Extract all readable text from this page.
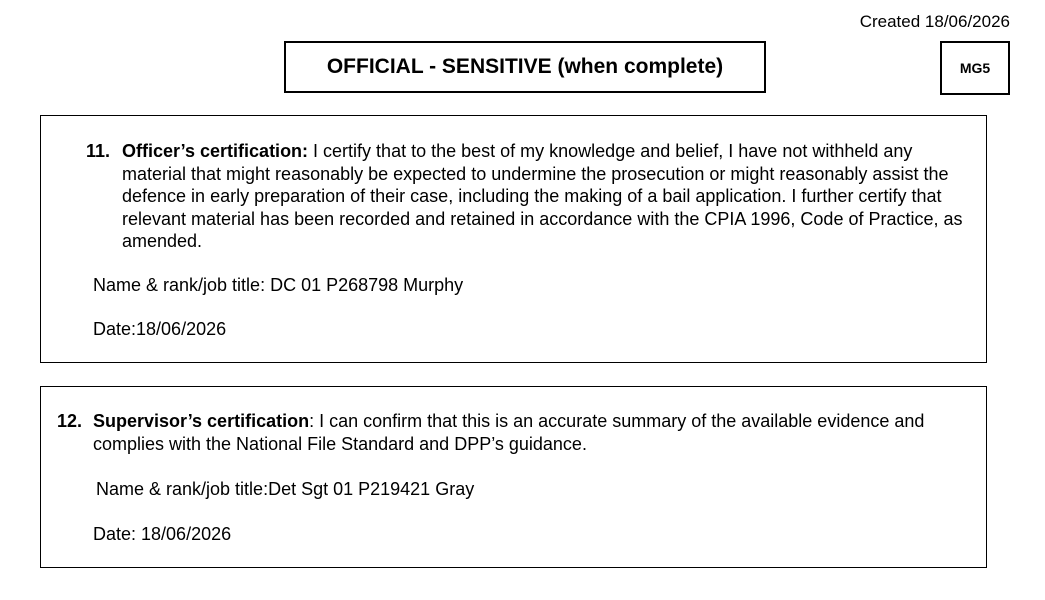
Created 18/06/2026
OFFICIAL - SENSITIVE (when complete)	MG5
11. Officer’s certification: I certify that to the best of my knowledge and belief, I have not withheld any material that might reasonably be expected to undermine the prosecution or might reasonably assist the defence in early preparation of their case, including the making of a bail application. I further certify that relevant material has been recorded and retained in accordance with the CPIA 1996, Code of Practice, as amended.
Name & rank/job title: DC 01 P268798 Murphy
Date:18/06/2026
12. Supervisor’s certification: I can confirm that this is an accurate summary of the available evidence and complies with the National File Standard and DPP’s guidance.
Name & rank/job title:Det Sgt 01 P219421 Gray
Date: 18/06/2026
